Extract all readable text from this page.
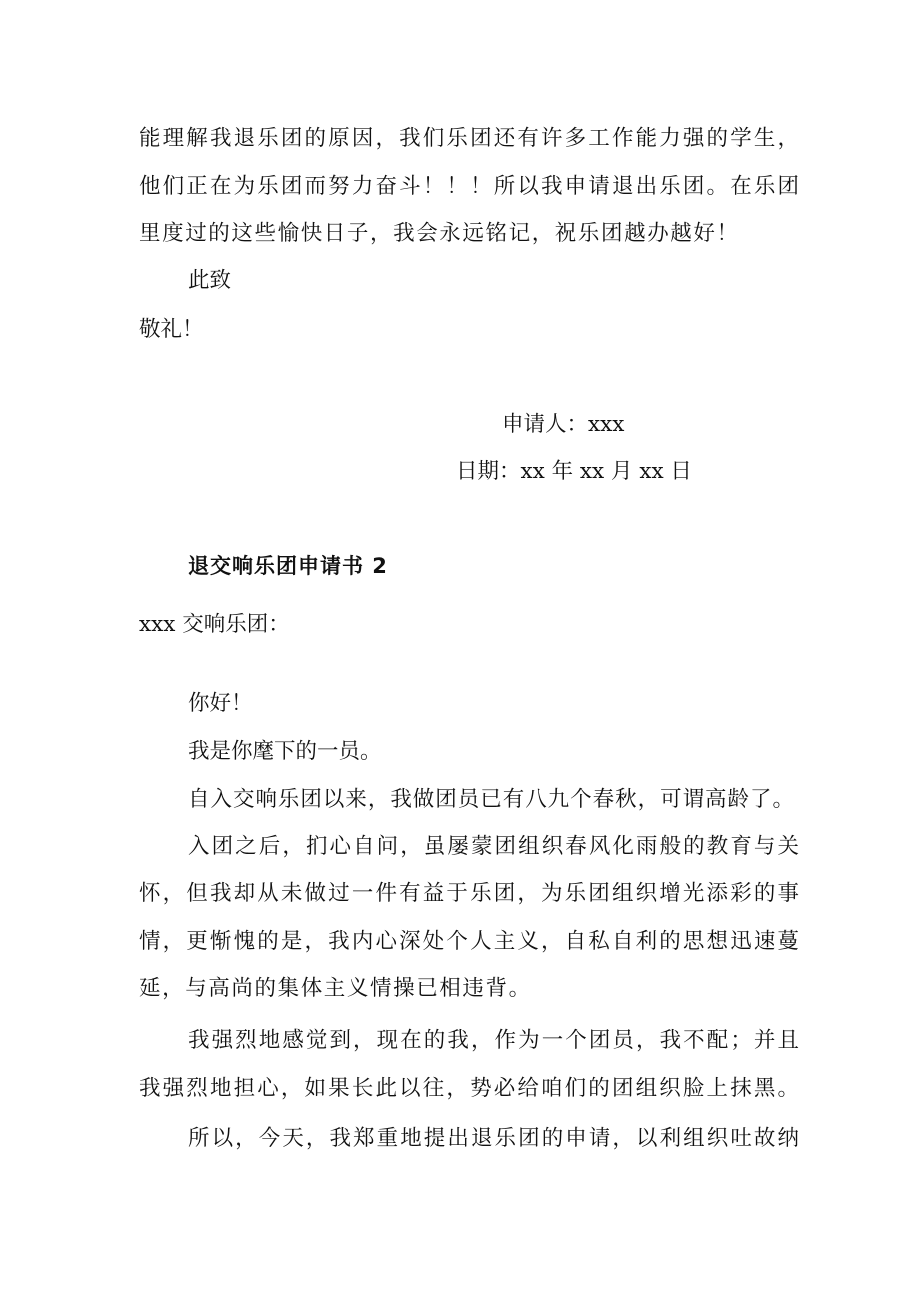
能理解我退乐团的原因，我们乐团还有许多工作能力强的学生，
他们正在为乐团而努力奋斗！！！所以我申请退出乐团。在乐团
里度过的这些愉快日子，我会永远铭记，祝乐团越办越好！
此致
敬礼！
申请人：xxx
日期：xx 年 xx 月 xx 日
退交响乐团申请书 2
xxx 交响乐团：
你好！
我是你麾下的一员。
自入交响乐团以来，我做团员已有八九个春秋，可谓高龄了。
入团之后，扪心自问，虽屡蒙团组织春风化雨般的教育与关
怀，但我却从未做过一件有益于乐团，为乐团组织增光添彩的事
情，更惭愧的是，我内心深处个人主义，自私自利的思想迅速蔓
延，与高尚的集体主义情操已相违背。
我强烈地感觉到，现在的我，作为一个团员，我不配；并且
我强烈地担心，如果长此以往，势必给咱们的团组织脸上抹黑。
所以，今天，我郑重地提出退乐团的申请，以利组织吐故纳
